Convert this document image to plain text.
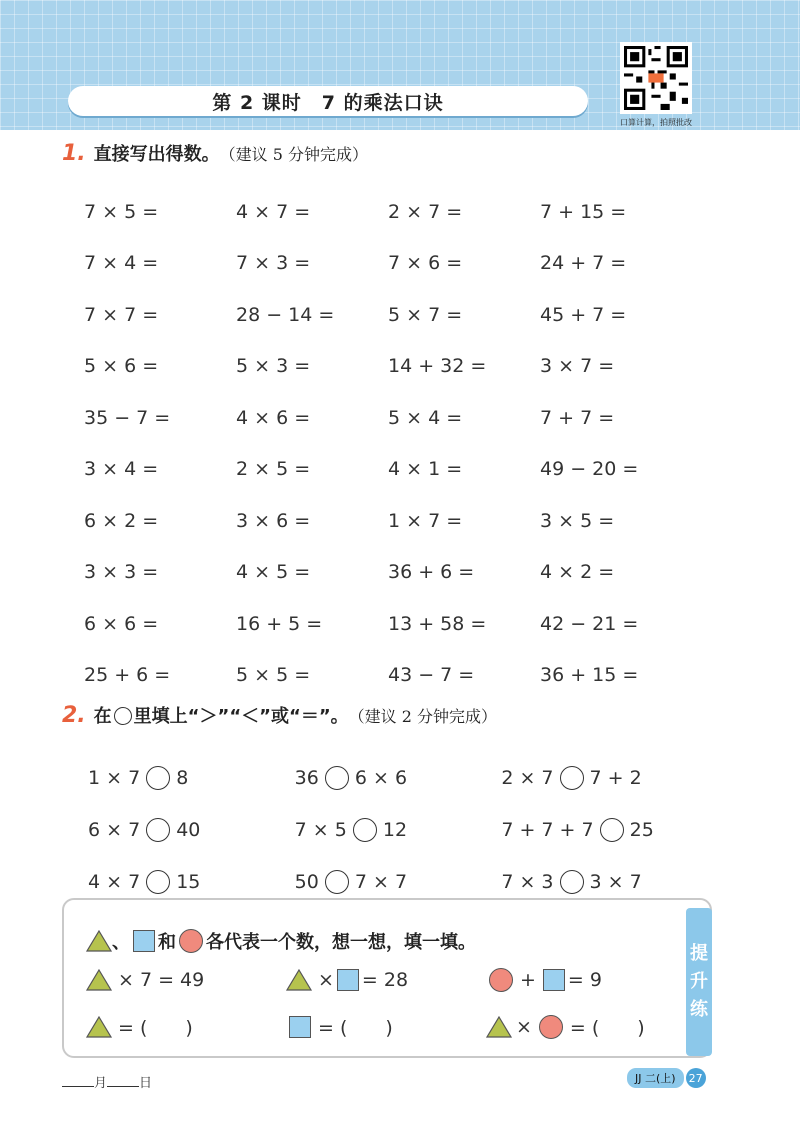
第 2 课时　7 的乘法口诀
口算计算，拍照批改
1. 直接写出得数。 （建议 5 分钟完成）
7 × 5 =	4 × 7 =	2 × 7 =	7 + 15 =
7 × 4 =	7 × 3 =	7 × 6 =	24 + 7 =
7 × 7 =	28 − 14 =	5 × 7 =	45 + 7 =
5 × 6 =	5 × 3 =	14 + 32 =	3 × 7 =
35 − 7 =	4 × 6 =	5 × 4 =	7 + 7 =
3 × 4 =	2 × 5 =	4 × 1 =	49 − 20 =
6 × 2 =	3 × 6 =	1 × 7 =	3 × 5 =
3 × 3 =	4 × 5 =	36 + 6 =	4 × 2 =
6 × 6 =	16 + 5 =	13 + 58 =	42 − 21 =
25 + 6 =	5 × 5 =	43 − 7 =	36 + 15 =
2. 在 里填上“＞”“＜”或“＝”。 （建议 2 分钟完成）
1 × 7 8	36 6 × 6	2 × 7 7 + 2
6 × 7 40	7 × 5 12	7 + 7 + 7 25
4 × 7 15	50 7 × 7	7 × 3 3 × 7
提
升
练
、 和 各代表一个数，想一想，填一填。
× 7 = 49	× = 28	+ = 9
= (　　)	= (　　)	× = (　　)
月 日	JJ 二(上)	27
